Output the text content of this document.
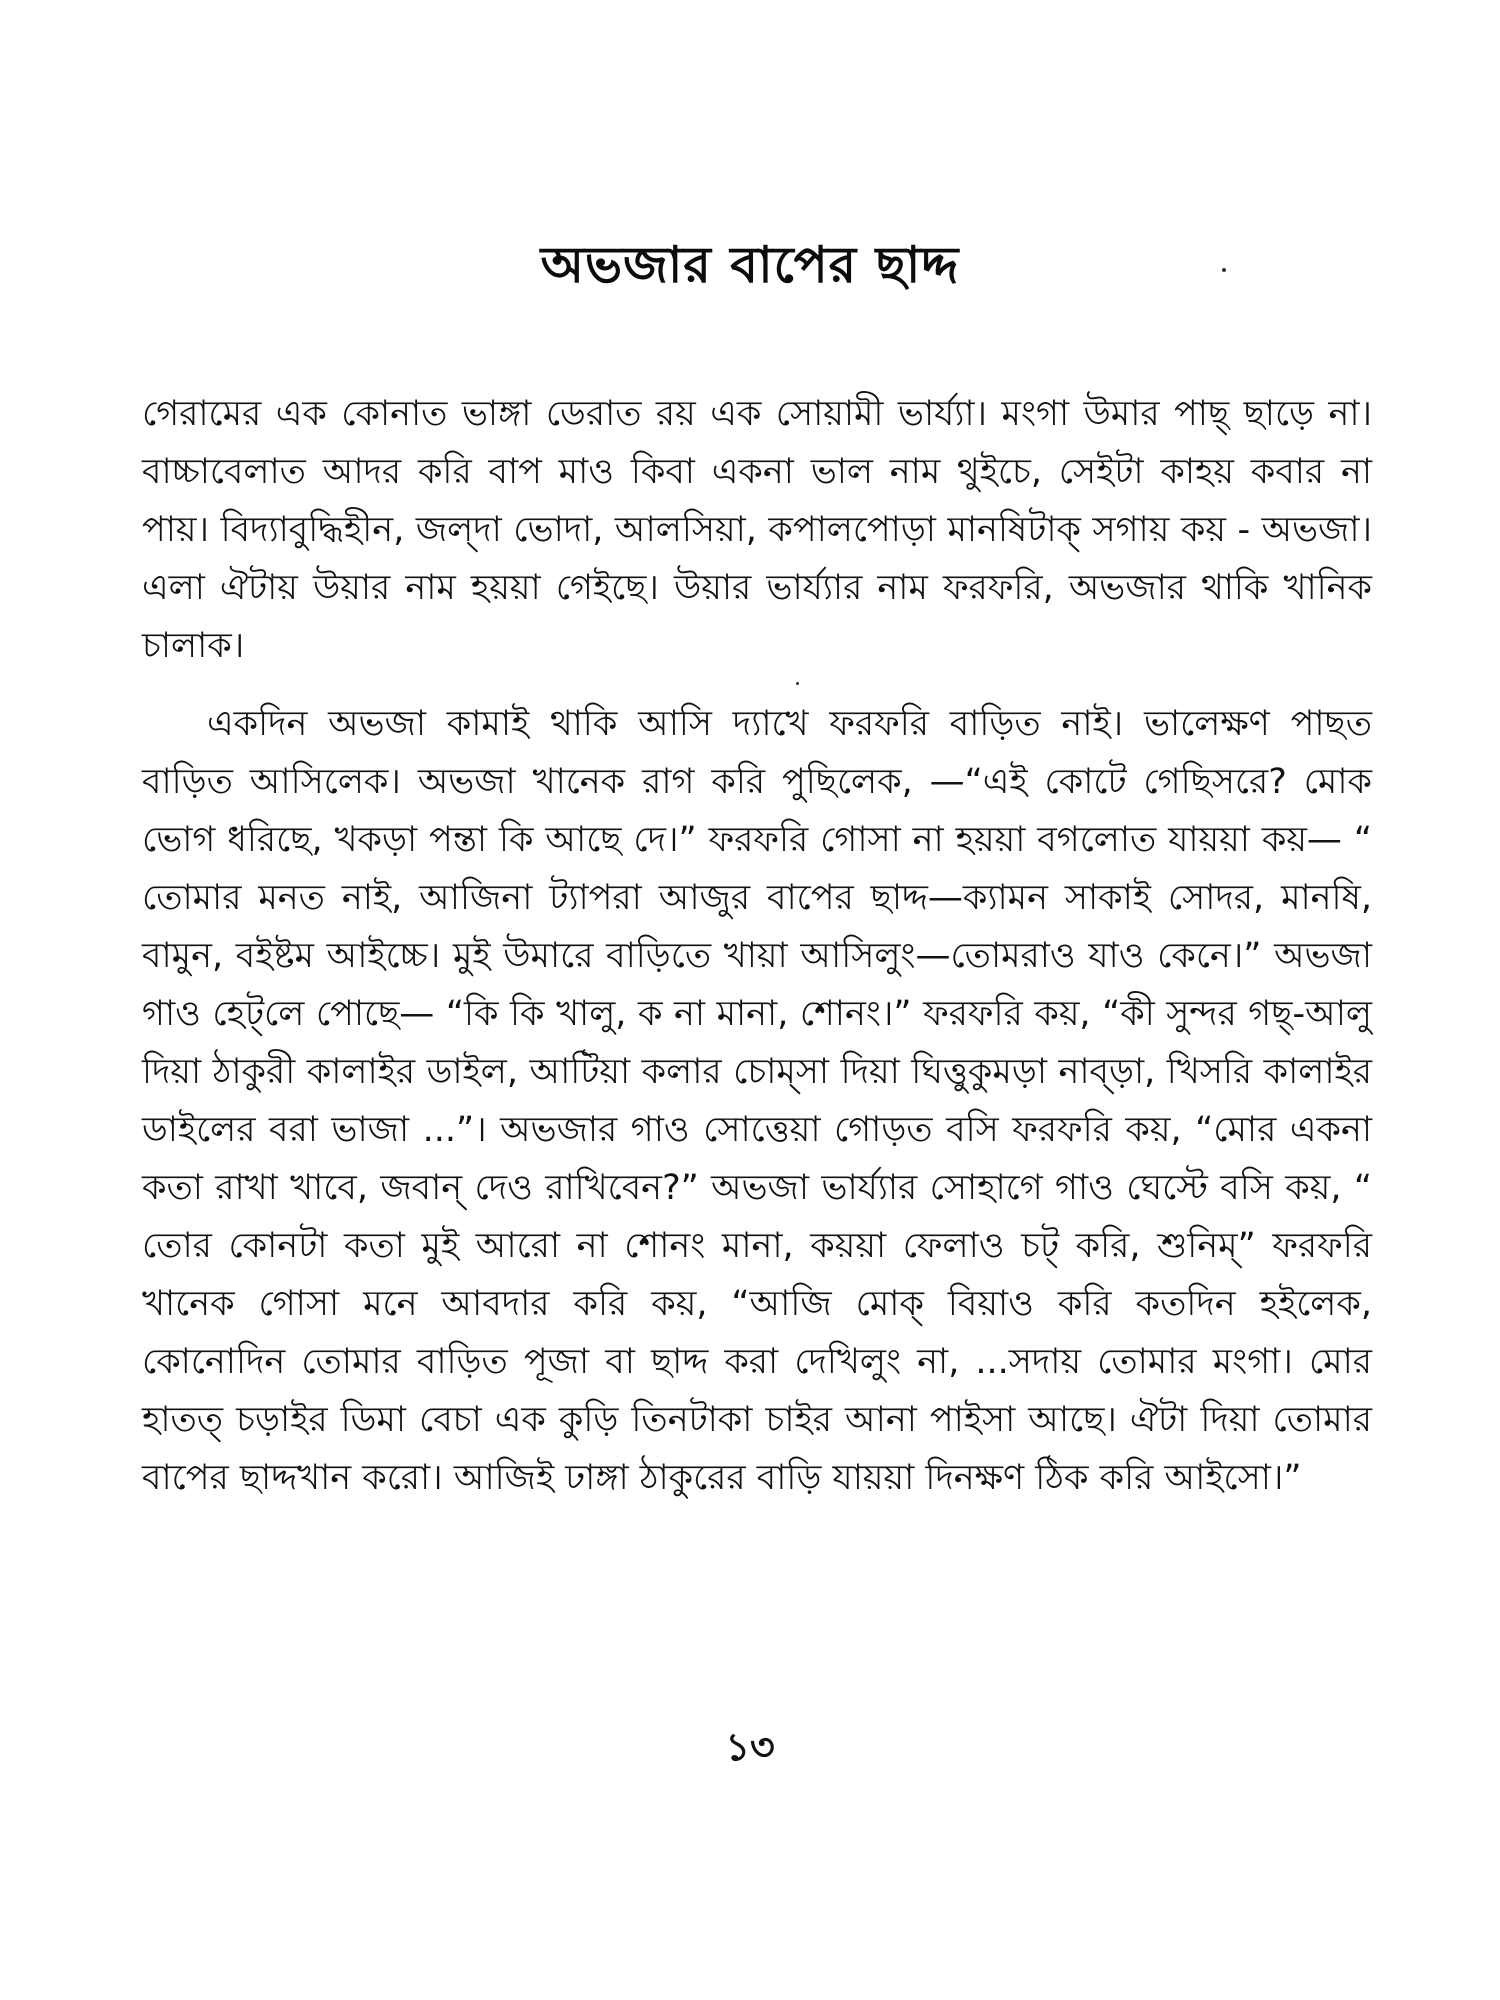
অভজার বাপের ছাদ্দ

গেরামের এক কোনাত ভাঙ্গা ডেরাত রয় এক সোয়ামী ভার্য্যা। মংগা উমার পাছ্‌ ছাড়ে না। বাচ্চাবেলাত আদর করি বাপ মাও কিবা একনা ভাল নাম থুইচে, সেইটা কাহয় কবার না পায়। বিদ্যাবুদ্ধিহীন, জল্‌দা ভোদা, আলসিয়া, কপালপোড়া মানষিটাক্‌ সগায় কয় - অভজা। এলা ঐটায় উয়ার নাম হয়য়া গেইছে। উয়ার ভার্য্যার নাম ফরফরি, অভজার থাকি খানিক চালাক।

একদিন অভজা কামাই থাকি আসি দ্যাখে ফরফরি বাড়িত নাই। ভালেক্ষণ পাছত বাড়িত আসিলেক। অভজা খানেক রাগ করি পুছিলেক, —“এই কোটে গেছিসরে? মোক ভোগ ধরিছে, খকড়া পন্তা কি আছে দে।” ফরফরি গোসা না হয়য়া বগলোত যায়য়া কয়— “ তোমার মনত নাই, আজিনা ট্যাপরা আজুর বাপের ছাদ্দ—ক্যামন সাকাই সোদর, মানষি, বামুন, বইষ্টম আইচ্চে। মুই উমারে বাড়িতে খায়া আসিলুং—তোমরাও যাও কেনে।” অভজা গাও হেট্‌লে পোছে— “কি কি খালু, ক না মানা, শোনং।” ফরফরি কয়, “কী সুন্দর গছ্‌-আলু দিয়া ঠাকুরী কালাইর ডাইল, আটিয়া কলার চোম্‌সা দিয়া ঘিত্তুকুমড়া নাব্‌ড়া, খিসরি কালাইর ডাইলের বরা ভাজা ...”। অভজার গাও সোত্তেয়া গোড়ত বসি ফরফরি কয়, “মোর একনা কতা রাখা খাবে, জবান্‌ দেও রাখিবেন?” অভজা ভার্য্যার সোহাগে গাও ঘেস্টে বসি কয়, “ তোর কোনটা কতা মুই আরো না শোনং মানা, কয়য়া ফেলাও চট্‌ করি, শুনিম্‌” ফরফরি খানেক গোসা মনে আবদার করি কয়, “আজি মোক্‌ বিয়াও করি কতদিন হইলেক, কোনোদিন তোমার বাড়িত পূজা বা ছাদ্দ করা দেখিলুং না, ...সদায় তোমার মংগা। মোর হাতত্‌ চড়াইর ডিমা বেচা এক কুড়ি তিনটাকা চাইর আনা পাইসা আছে। ঐটা দিয়া তোমার বাপের ছাদ্দখান করো। আজিই ঢাঙ্গা ঠাকুরের বাড়ি যায়য়া দিনক্ষণ ঠিক করি আইসো।”

১৩
